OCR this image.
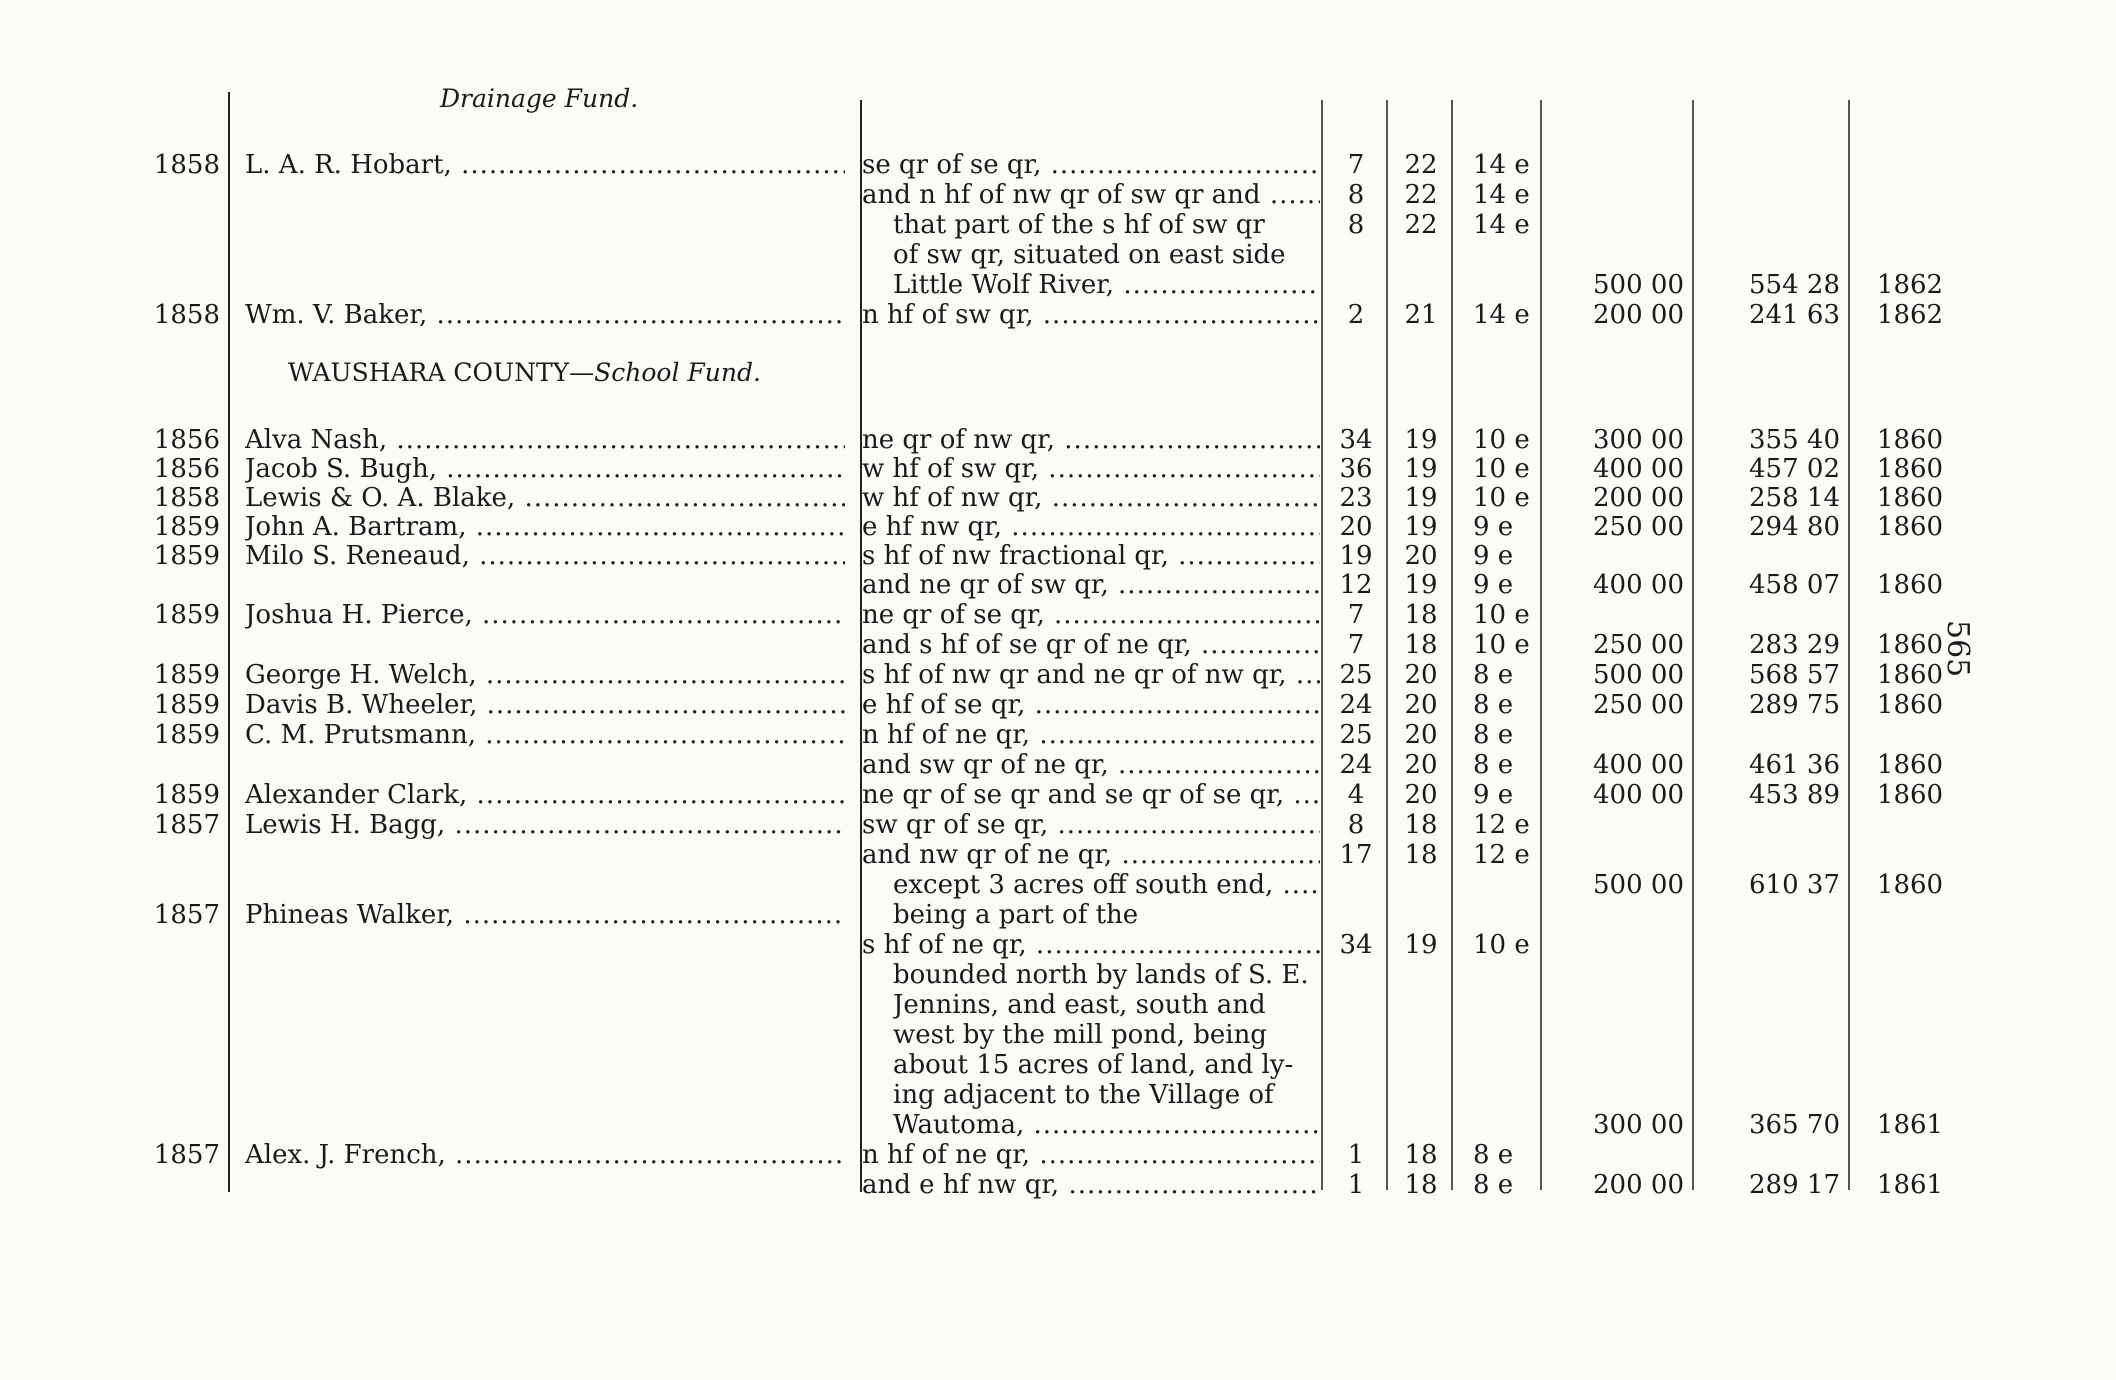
Drainage Fund.
WAUSHARA COUNTY—School Fund.
1858 L. A. R. Hobart, .....	se qr of se qr, .....	7	22	14 e
and n hf of nw qr of sw qr and .....	8	22	14 e
that part of the s hf of sw qr	8	22	14 e
of sw qr, situated on east side
Little Wolf River, .....	500 00	554 28	1862
1858 Wm. V. Baker, .....	n hf of sw qr, .....	2	21	14 e	200 00	241 63	1862
1856 Alva Nash, .....	ne qr of nw qr, .....	34	19	10 e	300 00	355 40	1860
1856 Jacob S. Bugh, .....	w hf of sw qr, .....	36	19	10 e	400 00	457 02	1860
1858 Lewis & O. A. Blake, .....	w hf of nw qr, .....	23	19	10 e	200 00	258 14	1860
1859 John A. Bartram, .....	e hf nw qr, .....	20	19	9 e	250 00	294 80	1860
1859 Milo S. Reneaud, .....	s hf of nw fractional qr, .....	19	20	9 e
and ne qr of sw qr, .....	12	19	9 e	400 00	458 07	1860
1859 Joshua H. Pierce, .....	ne qr of se qr, .....	7	18	10 e
and s hf of se qr of ne qr, .....	7	18	10 e	250 00	283 29	1860
1859 George H. Welch, .....	s hf of nw qr and ne qr of nw qr, .....	25	20	8 e	500 00	568 57	1860
1859 Davis B. Wheeler, .....	e hf of se qr, .....	24	20	8 e	250 00	289 75	1860
1859 C. M. Prutsmann, .....	n hf of ne qr, .....	25	20	8 e
and sw qr of ne qr, .....	24	20	8 e	400 00	461 36	1860
1859 Alexander Clark, .....	ne qr of se qr and se qr of se qr, .....	4	20	9 e	400 00	453 89	1860
1857 Lewis H. Bagg, .....	sw qr of se qr, .....	8	18	12 e
and nw qr of ne qr, .....	17	18	12 e
except 3 acres off south end, .....	500 00	610 37	1860
1857 Phineas Walker, .....	being a part of the
s hf of ne qr, .....	34	19	10 e
bounded north by lands of S. E.
Jennins, and east, south and
west by the mill pond, being
about 15 acres of land, and ly-
ing adjacent to the Village of
Wautoma, .....	300 00	365 70	1861
1857 Alex. J. French, .....	n hf of ne qr, .....	1	18	8 e
and e hf nw qr, .....	1	18	8 e	200 00	289 17	1861
565
